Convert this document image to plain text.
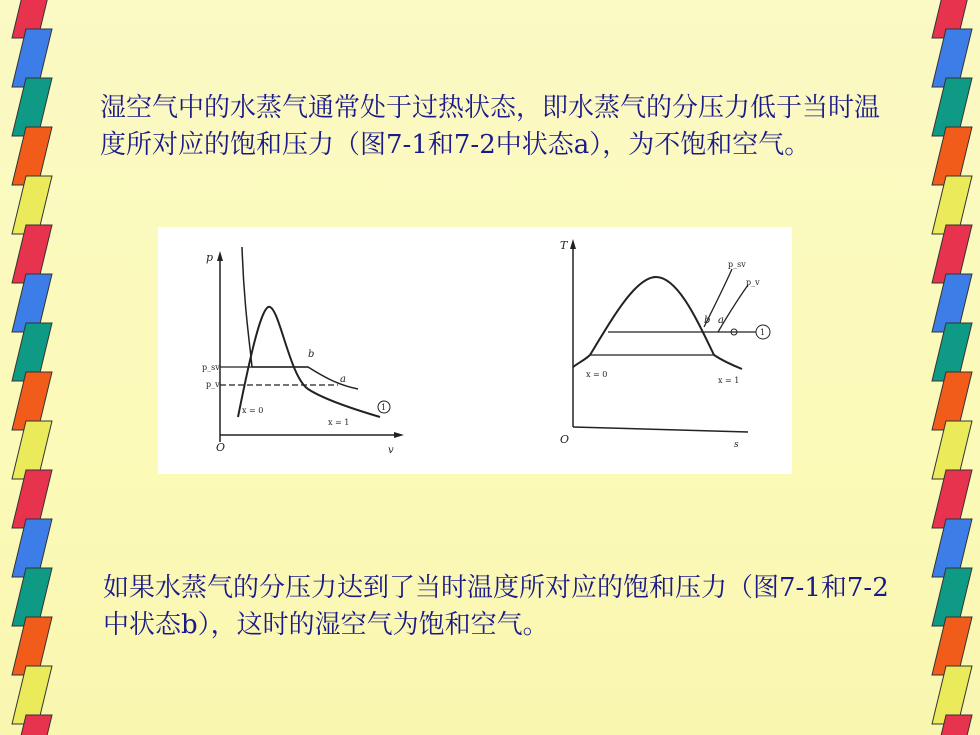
湿空气中的水蒸气通常处于过热状态，即水蒸气的分压力低于当时温度所对应的饱和压力（图7-1和7-2中状态a），为不饱和空气。
p
v
O
p_sv
p_v
b
a
1
x = 0
x = 1
T
s
O
p_sv
p_v
b a
1
x = 0
x = 1
如果水蒸气的分压力达到了当时温度所对应的饱和压力（图7-1和7-2中状态b），这时的湿空气为饱和空气。
